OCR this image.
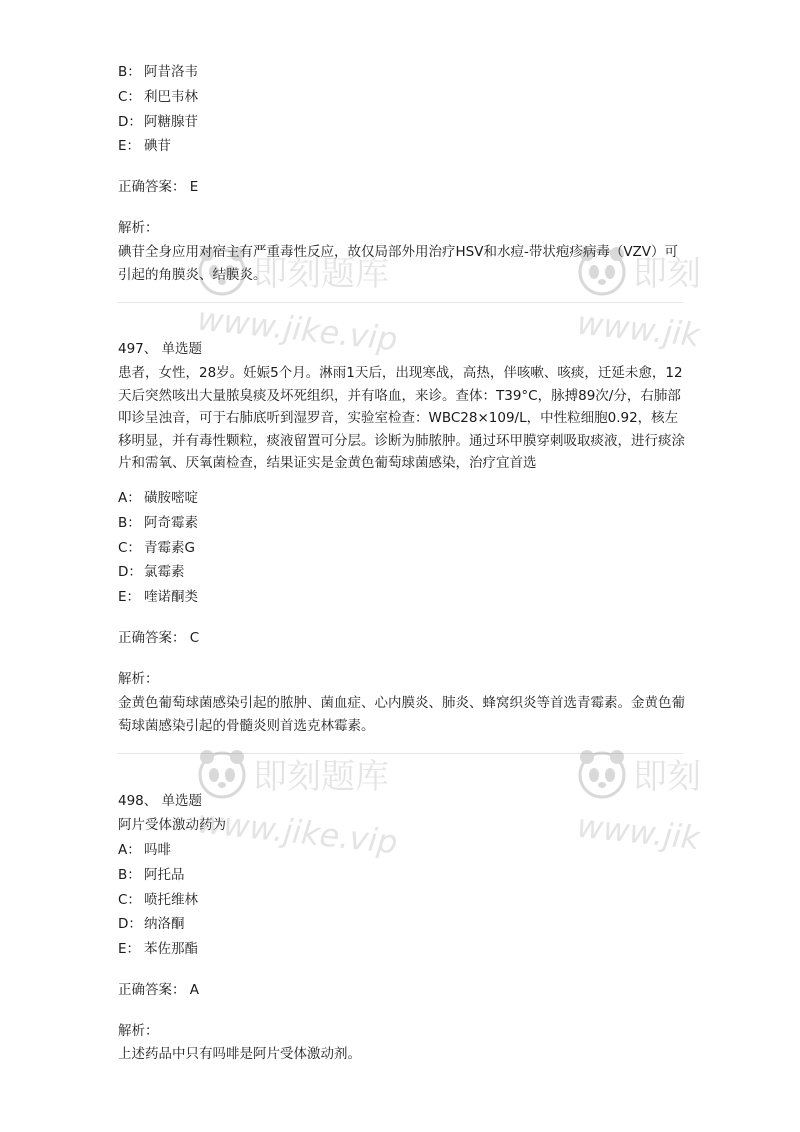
B： 阿昔洛韦
C： 利巴韦林
D： 阿糖腺苷
E： 碘苷
正确答案： E
解析：
碘苷全身应用对宿主有严重毒性反应，故仅局部外用治疗HSV和水痘-带状疱疹病毒（VZV）可引起的角膜炎、结膜炎。
497、 单选题
患者，女性，28岁。妊娠5个月。淋雨1天后，出现寒战，高热，伴咳嗽、咳痰，迁延未愈，12天后突然咳出大量脓臭痰及坏死组织，并有咯血，来诊。查体：T39°C，脉搏89次/分，右肺部叩诊呈浊音，可于右肺底听到湿罗音，实验室检查：WBC28×109/L，中性粒细胞0.92，核左移明显，并有毒性颗粒，痰液留置可分层。诊断为肺脓肿。通过环甲膜穿刺吸取痰液，进行痰涂片和需氧、厌氧菌检查，结果证实是金黄色葡萄球菌感染，治疗宜首选
A： 磺胺嘧啶
B： 阿奇霉素
C： 青霉素G
D： 氯霉素
E： 喹诺酮类
正确答案： C
解析：
金黄色葡萄球菌感染引起的脓肿、菌血症、心内膜炎、肺炎、蜂窝织炎等首选青霉素。金黄色葡萄球菌感染引起的骨髓炎则首选克林霉素。
498、 单选题
阿片受体激动药为
A： 吗啡
B： 阿托品
C： 喷托维林
D： 纳洛酮
E： 苯佐那酯
正确答案： A
解析：
上述药品中只有吗啡是阿片受体激动剂。
即刻题库
www.jike.vip
即刻
www.jik
即刻题库
www.jike.vip
即刻
www.jik
